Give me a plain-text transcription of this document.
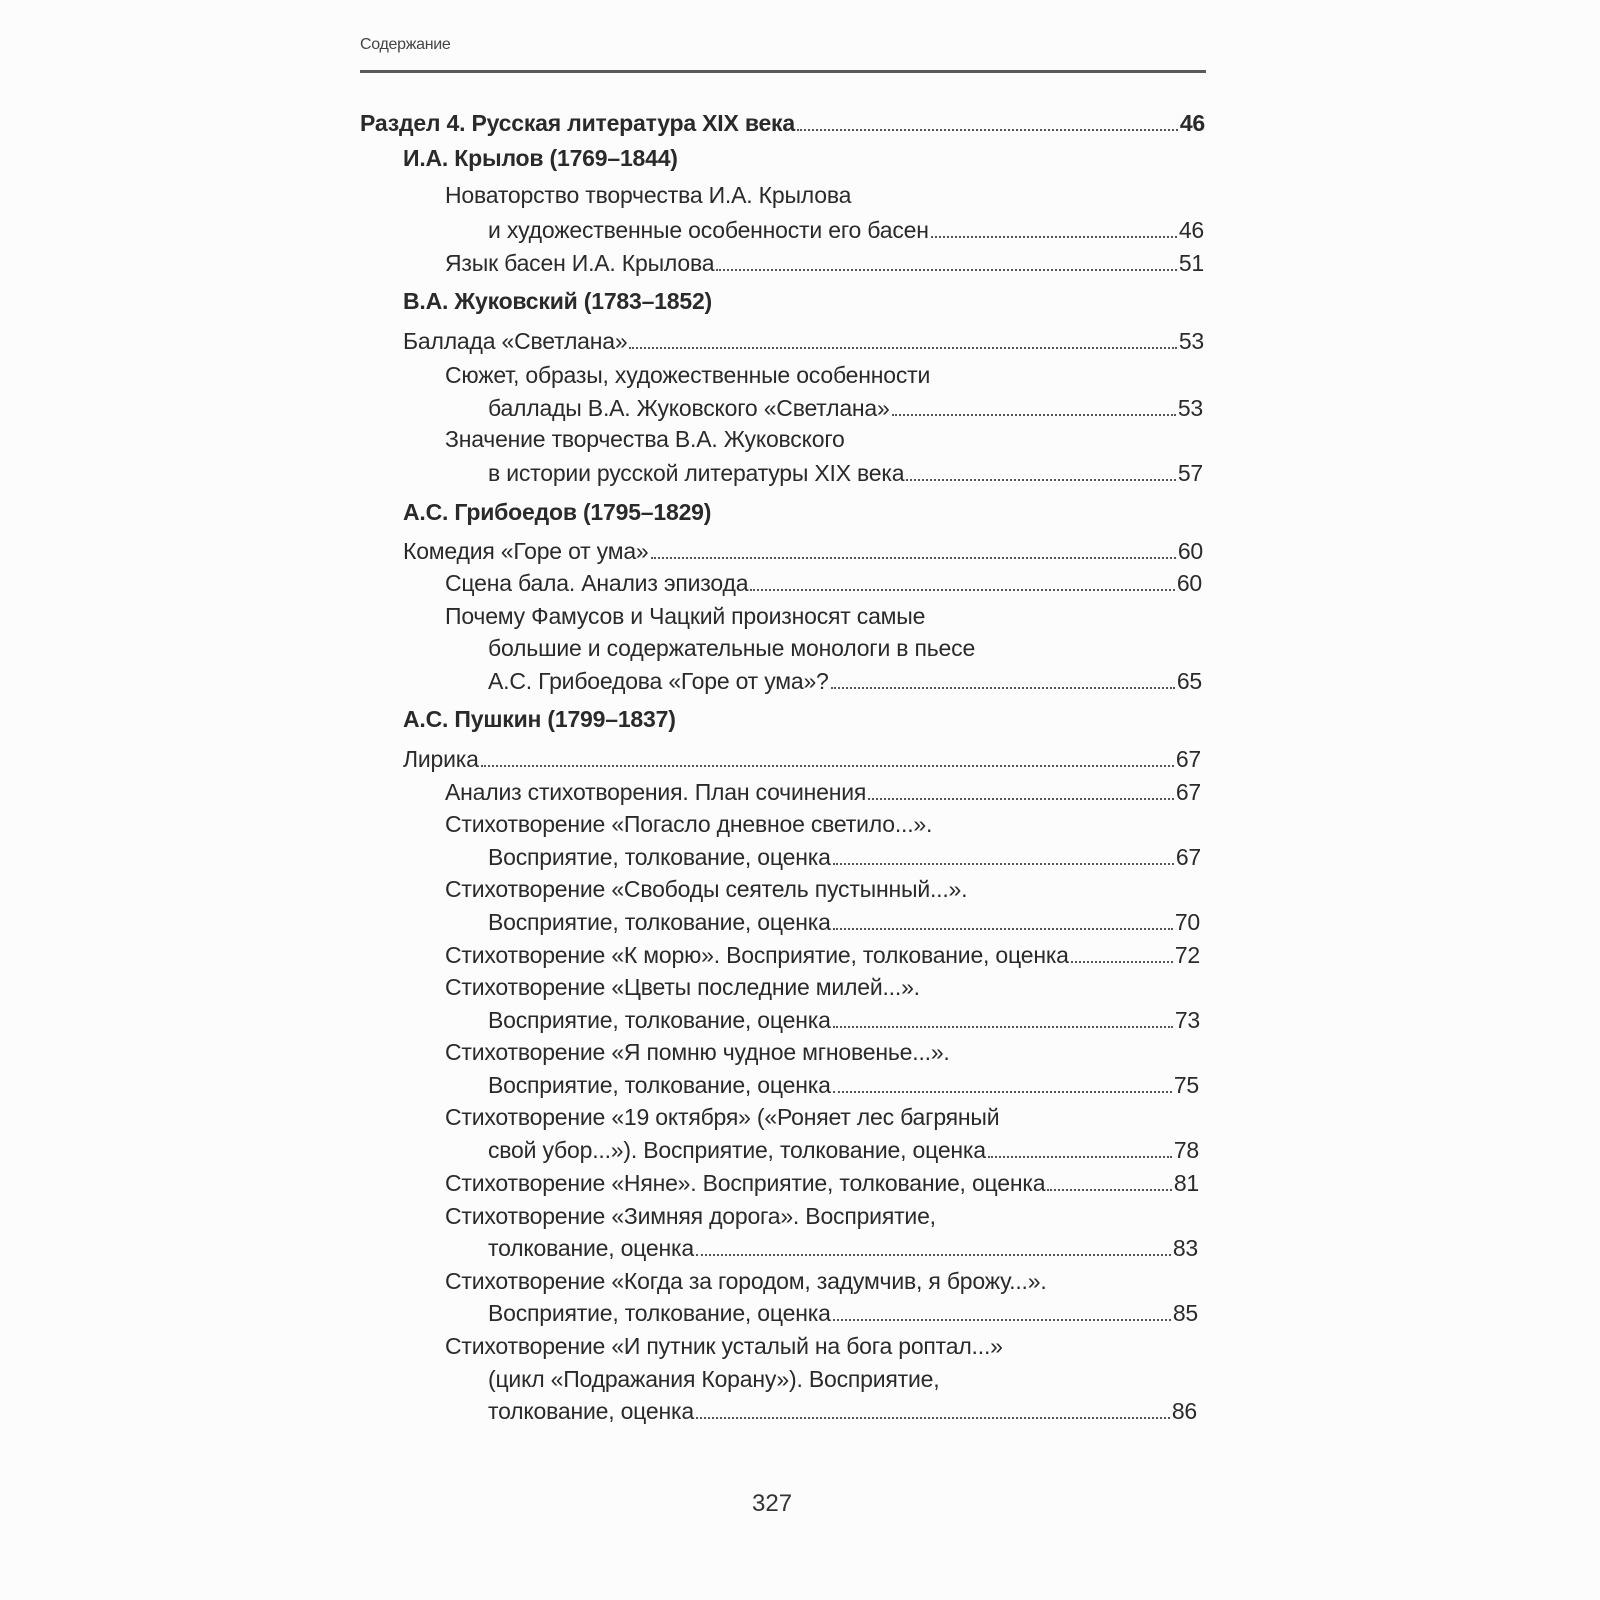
Содержание
Раздел 4. Русская литература XIX века	46
И.А. Крылов (1769–1844)
Новаторство творчества И.А. Крылова
и художественные особенности его басен	46
Язык басен И.А. Крылова	51
В.А. Жуковский (1783–1852)
Баллада «Светлана»	53
Сюжет, образы, художественные особенности
баллады В.А. Жуковского «Светлана»	53
Значение творчества В.А. Жуковского
в истории русской литературы XIX века	57
А.С. Грибоедов (1795–1829)
Комедия «Горе от ума»	60
Сцена бала. Анализ эпизода	60
Почему Фамусов и Чацкий произносят самые
большие и содержательные монологи в пьесе
А.С. Грибоедова «Горе от ума»?	65
А.С. Пушкин (1799–1837)
Лирика	67
Анализ стихотворения. План сочинения	67
Стихотворение «Погасло дневное светило...».
Восприятие, толкование, оценка	67
Стихотворение «Свободы сеятель пустынный...».
Восприятие, толкование, оценка	70
Стихотворение «К морю». Восприятие, толкование, оценка	72
Стихотворение «Цветы последние милей...».
Восприятие, толкование, оценка	73
Стихотворение «Я помню чудное мгновенье...».
Восприятие, толкование, оценка	75
Стихотворение «19 октября» («Роняет лес багряный
свой убор...»). Восприятие, толкование, оценка	78
Стихотворение «Няне». Восприятие, толкование, оценка	81
Стихотворение «Зимняя дорога». Восприятие,
толкование, оценка	83
Стихотворение «Когда за городом, задумчив, я брожу...».
Восприятие, толкование, оценка	85
Стихотворение «И путник усталый на бога роптал...»
(цикл «Подражания Корану»). Восприятие,
толкование, оценка	86
327
